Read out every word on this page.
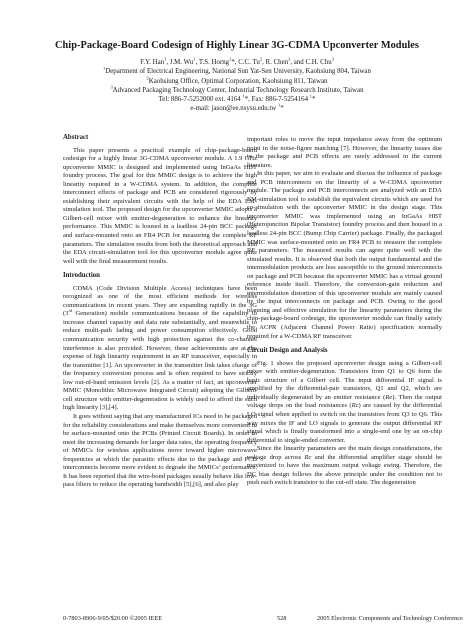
Chip-Package-Board Codesign of Highly Linear 3G-CDMA Upconverter Modules
F.Y. Han$^1$, J.M. Wu$^1$, T.S. Horng$^1$*, C.C. Tu$^2$, R. Chen$^3$, and C.H. Chu$^3$
$^1$Department of Electrical Engineering, National Sun Yat-Sen University, Kaohsiung 804, Taiwan
$^2$Kaohsiung Office, Optimal Corporation, Kaohsiung 811, Taiwan
$^3$Advanced Packaging Technology Center, Industrial Technology Research Institute, Taiwan
Tel: 886-7-5252000 ext. 4164 $^1$*, Fax: 886-7-5254164 $^1$*
e-mail: jason@ee.nsysu.edu.tw $^1$*
Abstract

This paper presents a practical example of chip-package-board codesign for a highly linear 3G-CDMA upconverter module. A 1.9 GHz upconverter MMIC is designed and implemented using InGaAs HBT foundry process. The goal for this MMIC design is to achieve the high linearity required in a W-CDMA system. In addition, the complete interconnect effects of package and PCB are considered rigorously by establishing their equivalent circuits with the help of the EDA EM-simulation tool. The proposed design for the upconverter MMIC adopts a Gilbert-cell mixer with emitter-degeneration to enhance the linearity performance. This MMIC is housed in a leadless 24-pin BCC package and surface-mounted onto an FR4 PCB for measuring the complete RF parameters. The simulation results from both the theoretical approach and the EDA circuit-simulation tool for this upconverter module agree quite well with the final measurement results.

Introduction

CDMA (Code Division Multiple Access) techniques have been recognized as one of the most efficient methods for wireless communications in recent years. They are expanding rapidly in the 3G (3rd Generation) mobile communications because of the capability to increase channel capacity and data rate substantially, and meanwhile to reduce multi-path fading and power consumption effectively. Good communication security with high protection against the co-channel interference is also provided. However, these achievements are at the expense of high linearity requirement in an RF transceiver, especially in the transmitter [1]. An upconverter in the transmitter link takes charge of the frequency conversion process and is often required to have strictly low out-of-band emission levels [2]. As a matter of fact, an upconverter MMIC (Monolithic Microwave Integrated Circuit) adopting the Gilbert-cell structure with emitter-degeneration is widely used to afford the such high linearity [3],[4].

It goes without saying that any manufactured ICs need to be packaged for the reliability considerations and make themselves more convenient to be surface-mounted onto the PCBs (Printed Circuit Boards). In order to meet the increasing demands for larger data rates, the operating frequency of MMICs for wireless applications move toward higher microwave frequencies at which the parasitic effects due to the package and PCB interconnects become more evident to degrade the MMICs’ performance. It has been reported that the wire-bond packages usually behave like low-pass filters to reduce the operating bandwidth [5],[6], and also play

important roles to move the input impedance away from the optimum point in the noise-figure matching [7]. However, the linearity issues due to the package and PCB effects are rarely addressed in the current literature.

In this paper, we aim to evaluate and discuss the influence of package and PCB interconnects on the linearity of a W-CDMA upconverter module. The package and PCB interconnects are analyzed with an EDA EM-simulation tool to establish the equivalent circuits which are used for co-simulation with the upconverter MMIC in the design stage. This upconverter MMIC was implemented using an InGaAs HBT (Heterojunction Bipolar Transistor) foundry process and then housed in a leadless 24-pin BCC (Bump Chip Carrier) package. Finally, the packaged MMIC was surface-mounted onto an FR4 PCB to measure the complete RF parameters. The measured results can agree quite well with the simulated results. It is observed that both the output fundamental and the intermodulation products are less susceptible to the ground interconnects on package and PCB because the upconverter MMIC has a virtual ground reference inside itself. Therefore, the conversion-gain reduction and intermodulation distortion of this upconverter module are mainly caused by the input interconnects on package and PCB. Owing to the good planning and effective simulation for the linearity parameters during the chip-package-board codesign, the upconverter module can finally satisfy the ACPR (Adjacent Channel Power Ratio) specification normally required for a W-CDMA RF transceiver.

Circuit Design and Analysis

Fig. 1 shows the proposed upconverter design using a Gilbert-cell mixer with emitter-degeneration. Transistors from Q1 to Q6 form the basic structure of a Gilbert cell. The input differential IF signal is amplified by the differential-pair transistors, Q1 and Q2, which are individually degenerated by an emitter resistance (Re). Then the output voltage drops on the load resistances (Rc) are caused by the differential LO signal when applied to switch on the transistors from Q3 to Q6. This way mixes the IF and LO signals to generate the output differential RF signal which is finally transformed into a single-end one by an on-chip differential to single-ended converter.

Since the linearity parameters are the main design considerations, the voltage drop across Rc and the differential amplifier stage should be maximized to have the maximum output voltage swing. Therefore, the DC bias design follows the above principle under the condition not to push each switch transistor to the cut-off state. The degeneration

0-7803-8906-9/05/$20.00 ©2005 IEEE	528	2005 Electronic Components and Technology Conference
